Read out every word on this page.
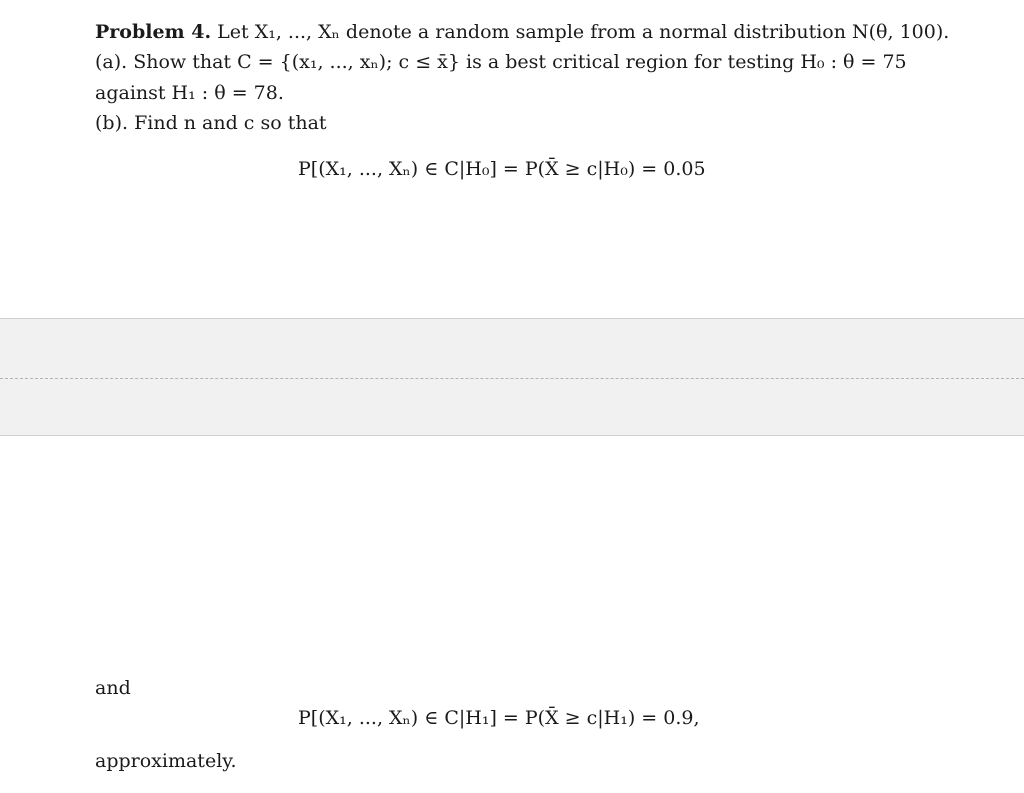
Problem 4. Let X₁, ..., Xₙ denote a random sample from a normal distribution N(θ, 100).
(a). Show that C = {(x₁, ..., xₙ); c ≤ x̄} is a best critical region for testing H₀ : θ = 75
against H₁ : θ = 78.
(b). Find n and c so that
P[(X₁, ..., Xₙ) ∈ C|H₀] = P(X̄ ≥ c|H₀) = 0.05
and
P[(X₁, ..., Xₙ) ∈ C|H₁] = P(X̄ ≥ c|H₁) = 0.9,
approximately.
